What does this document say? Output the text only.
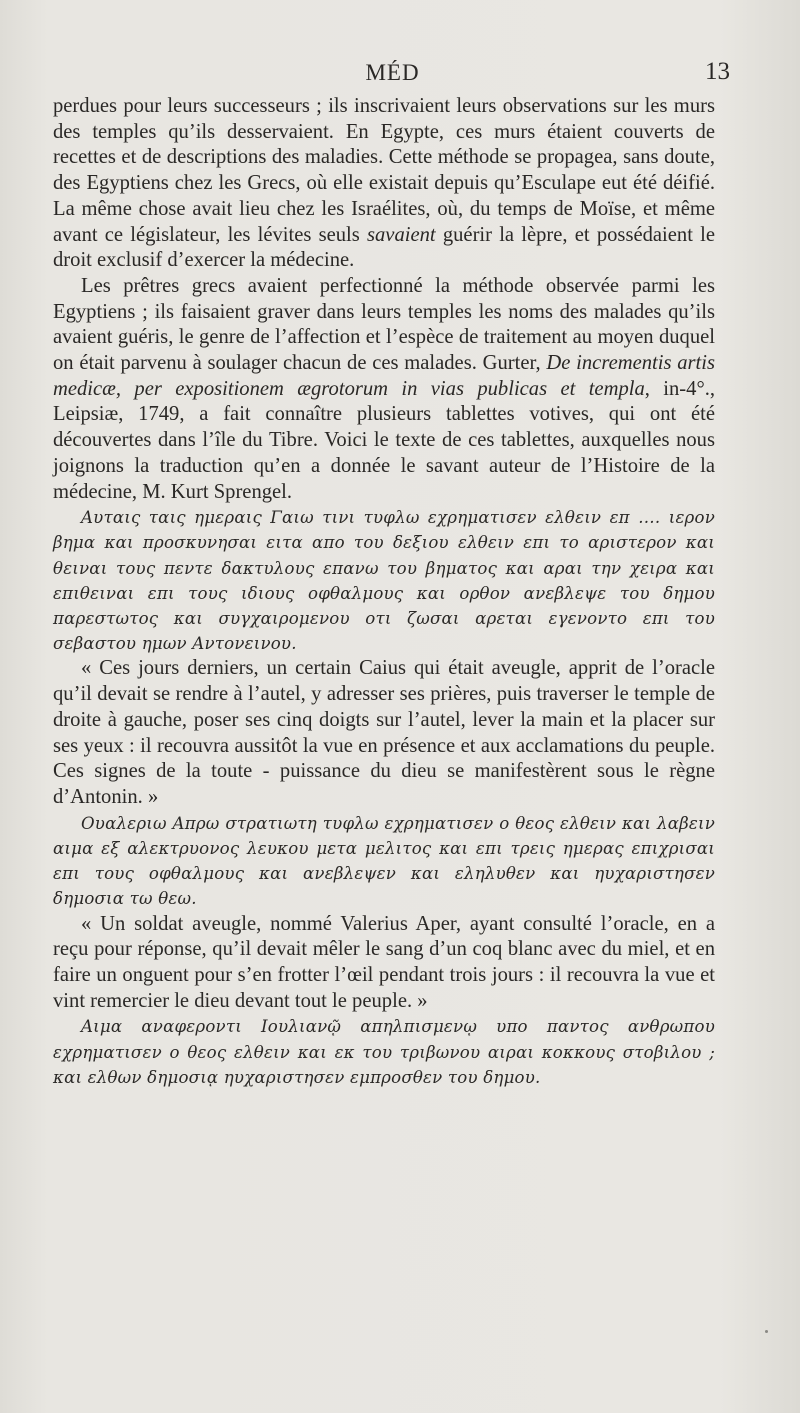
MÉD	13

perdues pour leurs successeurs ; ils inscrivaient leurs observations sur les murs des temples qu’ils desservaient. En Egypte, ces murs étaient couverts de recettes et de descriptions des maladies. Cette méthode se propagea, sans doute, des Egyptiens chez les Grecs, où elle existait depuis qu’Esculape eut été déifié. La même chose avait lieu chez les Israélites, où, du temps de Moïse, et même avant ce législateur, les lévites seuls savaient guérir la lèpre, et possédaient le droit exclusif d’exercer la médecine.

Les prêtres grecs avaient perfectionné la méthode observée parmi les Egyptiens ; ils faisaient graver dans leurs temples les noms des malades qu’ils avaient guéris, le genre de l’affection et l’espèce de traitement au moyen duquel on était parvenu à soulager chacun de ces malades. Gurter, De incrementis artis medicæ, per expositionem ægrotorum in vias publicas et templa, in-4°., Leipsiæ, 1749, a fait connaître plusieurs tablettes votives, qui ont été découvertes dans l’île du Tibre. Voici le texte de ces tablettes, auxquelles nous joignons la traduction qu’en a donnée le savant auteur de l’Histoire de la médecine, M. Kurt Sprengel.

Αυταις ταις ημεραις Γαιω τινι τυφλω εχρηματισεν ελθειν επ …. ιερον βημα και προσκυνησαι ειτα απο του δεξιου ελθειν επι το αριστερον και θειναι τους πεντε δακτυλους επανω του βηματος και αραι την χειρα και επιθειναι επι τους ιδιους οφθαλμους και ορθον ανεβλεψε του δημου παρεστωτος και συγχαιρομενου οτι ζωσαι αρεται εγενοντο επι του σεβαστου ημων Αντονεινου.

« Ces jours derniers, un certain Caius qui était aveugle, apprit de l’oracle qu’il devait se rendre à l’autel, y adresser ses prières, puis traverser le temple de droite à gauche, poser ses cinq doigts sur l’autel, lever la main et la placer sur ses yeux : il recouvra aussitôt la vue en présence et aux acclamations du peuple. Ces signes de la toute - puissance du dieu se manifestèrent sous le règne d’Antonin. »

Ουαλεριω Απρω στρατιωτη τυφλω εχρηματισεν ο θεος ελθειν και λαβειν αιμα εξ αλεκτρυονος λευκου μετα μελιτος και επι τρεις ημερας επιχρισαι επι τους οφθαλμους και ανεβλεψεν και εληλυθεν και ηυχαριστησεν δημοσια τω θεω.

« Un soldat aveugle, nommé Valerius Aper, ayant consulté l’oracle, en a reçu pour réponse, qu’il devait mêler le sang d’un coq blanc avec du miel, et en faire un onguent pour s’en frotter l’œil pendant trois jours : il recouvra la vue et vint remercier le dieu devant tout le peuple. »

Αιμα αναφεροντι Ιουλιανῷ απηλπισμενῳ υπο παντος ανθρωπου εχρηματισεν ο θεος ελθειν και εκ του τριβωνου αιραι κοκκους στοβιλου ; και ελθων δημοσιᾳ ηυχαριστησεν εμπροσθεν του δημου.
